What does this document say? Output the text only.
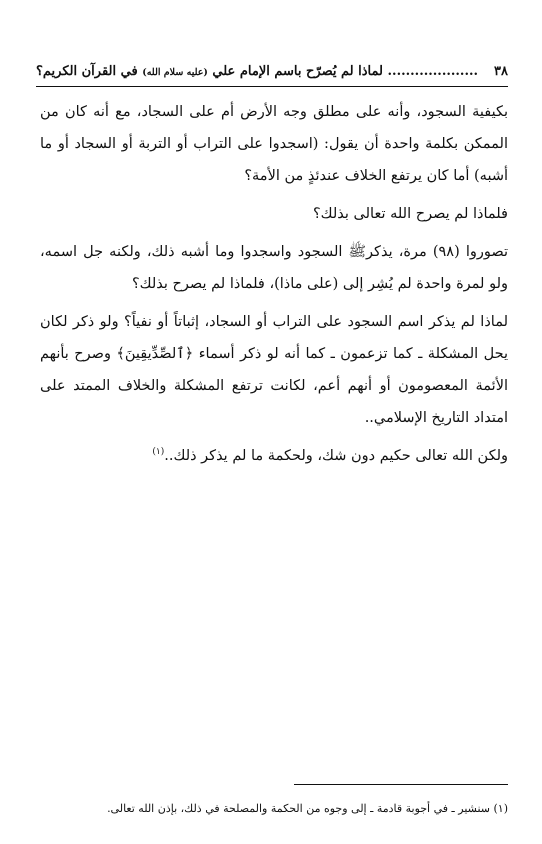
٣٨
.................... لماذا لم يُصرّح باسم الإمام علي (عليه سلام الله) في القرآن الكريم؟

بكيفية السجود، وأنه على مطلق وجه الأرض أم على السجاد، مع أنه كان من الممكن بكلمة واحدة أن يقول: (اسجدوا على التراب أو التربة أو السجاد أو ما أشبه) أما كان يرتفع الخلاف عندئذٍ من الأمة؟

فلماذا لم يصرح الله تعالى بذلك؟

تصوروا (٩٨) مرة، يذكرﷺ السجود واسجدوا وما أشبه ذلك، ولكنه جل اسمه، ولو لمرة واحدة لم يُشِر إلى (على ماذا)، فلماذا لم يصرح بذلك؟

لماذا لم يذكر اسم السجود على التراب أو السجاد، إثباتاً أو نفياً؟ ولو ذكر لكان يحل المشكلة ـ كما تزعمون ـ كما أنه لو ذكر أسماء ﴿ٱلصِّدِّيقِينَ﴾ وصرح بأنهم الأئمة المعصومون أو أنهم أعم، لكانت ترتفع المشكلة والخلاف الممتد على امتداد التاريخ الإسلامي..

ولكن الله تعالى حكيم دون شك، ولحكمة ما لم يذكر ذلك..$^{(١)}$

(١) سنشير ـ في أجوبة قادمة ـ إلى وجوه من الحكمة والمصلحة في ذلك، بإذن الله تعالى.
